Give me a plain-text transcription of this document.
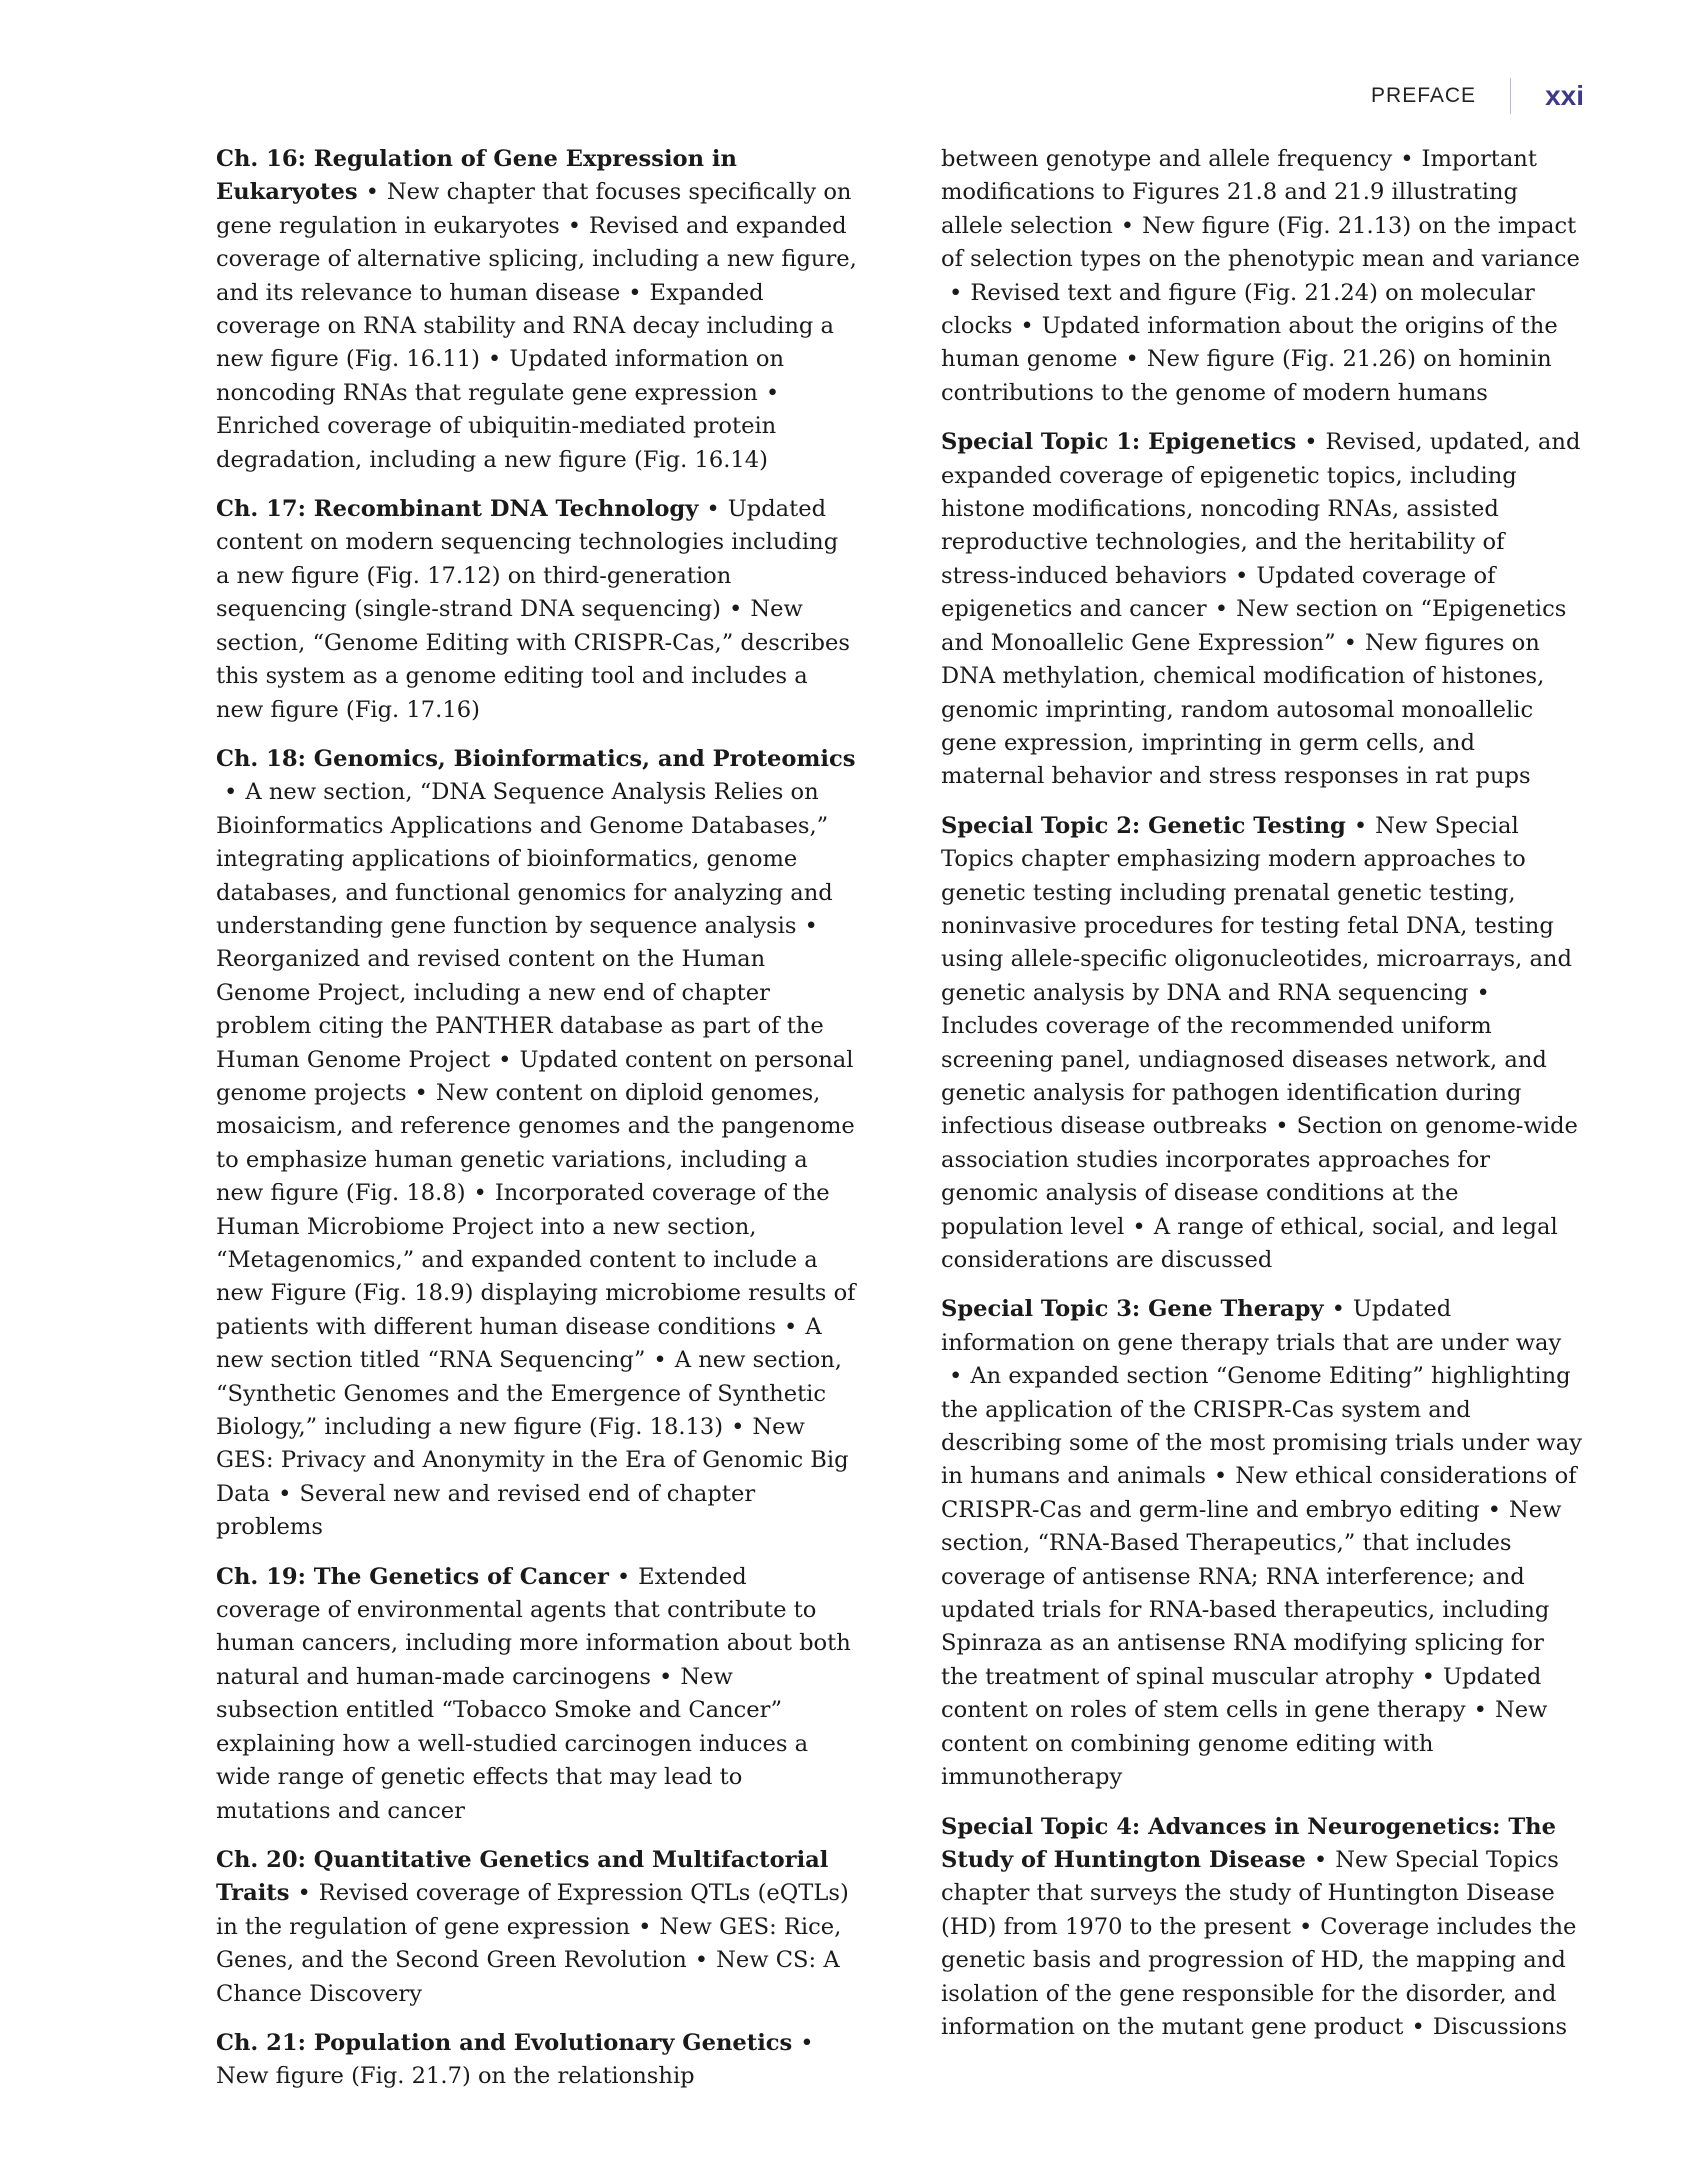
PREFACE	xxi

Ch. 16: Regulation of Gene Expression in Eukaryotes • New chapter that focuses specifically on gene regulation in eukaryotes • Revised and expanded coverage of alternative splicing, including a new figure, and its relevance to human disease • Expanded coverage on RNA stability and RNA decay including a new figure (Fig. 16.11) • Updated information on noncoding RNAs that regulate gene expression •Enriched coverage of ubiquitin-mediated protein degradation, including a new figure (Fig. 16.14)

Ch. 17: Recombinant DNA Technology • Updated content on modern sequencing technologies including a new figure (Fig. 17.12) on third-generation sequencing (single-strand DNA sequencing) • New section, “Genome Editing with CRISPR-Cas,” describes this system as a genome editing tool and includes a new figure (Fig. 17.16)

Ch. 18: Genomics, Bioinformatics, and Proteomics• A new section, “DNA Sequence Analysis Relies on Bioinformatics Applications and Genome Databases,” integrating applications of bioinformatics, genome databases, and functional genomics for analyzing and understanding gene function by sequence analysis •Reorganized and revised content on the Human Genome Project, including a new end of chapter problem citing the PANTHER database as part of the Human Genome Project • Updated content on personal genome projects • New content on diploid genomes, mosaicism, and reference genomes and the pangenome to emphasize human genetic variations, including a new figure (Fig. 18.8) • Incorporated coverage of the Human Microbiome Project into a new section, “Metagenomics,” and expanded content to include a new Figure (Fig. 18.9) displaying microbiome results of patients with different human disease conditions • A new section titled “RNA Sequencing” • A new section, “Synthetic Genomes and the Emergence of Synthetic Biology,” including a new figure (Fig. 18.13) • New GES: Privacy and Anonymity in the Era of Genomic Big Data • Several new and revised end of chapter problems

Ch. 19: The Genetics of Cancer • Extended coverage of environmental agents that contribute to human cancers, including more information about both natural and human-made carcinogens • New subsection entitled “Tobacco Smoke and Cancer” explaining how a well-studied carcinogen induces a wide range of genetic effects that may lead to mutations and cancer

Ch. 20: Quantitative Genetics and Multifactorial Traits • Revised coverage of Expression QTLs (eQTLs) in the regulation of gene expression • New GES: Rice, Genes, and the Second Green Revolution • New CS: A Chance Discovery

Ch. 21: Population and Evolutionary Genetics •New figure (Fig. 21.7) on the relationship

between genotype and allele frequency • Important modifications to Figures 21.8 and 21.9 illustrating allele selection • New figure (Fig. 21.13) on the impact of selection types on the phenotypic mean and variance• Revised text and figure (Fig. 21.24) on molecular clocks • Updated information about the origins of the human genome • New figure (Fig. 21.26) on hominin contributions to the genome of modern humans

Special Topic 1: Epigenetics • Revised, updated, and expanded coverage of epigenetic topics, including histone modifications, noncoding RNAs, assisted reproductive technologies, and the heritability of stress-induced behaviors • Updated coverage of epigenetics and cancer • New section on “Epigenetics and Monoallelic Gene Expression” • New figures on DNA methylation, chemical modification of histones, genomic imprinting, random autosomal monoallelic gene expression, imprinting in germ cells, and maternal behavior and stress responses in rat pups

Special Topic 2: Genetic Testing • New Special Topics chapter emphasizing modern approaches to genetic testing including prenatal genetic testing, noninvasive procedures for testing fetal DNA, testing using allele-specific oligonucleotides, microarrays, and genetic analysis by DNA and RNA sequencing •Includes coverage of the recommended uniform screening panel, undiagnosed diseases network, and genetic analysis for pathogen identification during infectious disease outbreaks • Section on genome-wide association studies incorporates approaches for genomic analysis of disease conditions at the population level • A range of ethical, social, and legal considerations are discussed

Special Topic 3: Gene Therapy • Updated information on gene therapy trials that are under way• An expanded section “Genome Editing” highlighting the application of the CRISPR-Cas system and describing some of the most promising trials under way in humans and animals • New ethical considerations of CRISPR-Cas and germ-line and embryo editing • New section, “RNA-Based Therapeutics,” that includes coverage of antisense RNA; RNA interference; and updated trials for RNA-based therapeutics, including Spinraza as an antisense RNA modifying splicing for the treatment of spinal muscular atrophy • Updated content on roles of stem cells in gene therapy • New content on combining genome editing with immunotherapy

Special Topic 4: Advances in Neurogenetics: The Study of Huntington Disease • New Special Topics chapter that surveys the study of Huntington Disease (HD) from 1970 to the present • Coverage includes the genetic basis and progression of HD, the mapping and isolation of the gene responsible for the disorder, and information on the mutant gene product • Discussions
